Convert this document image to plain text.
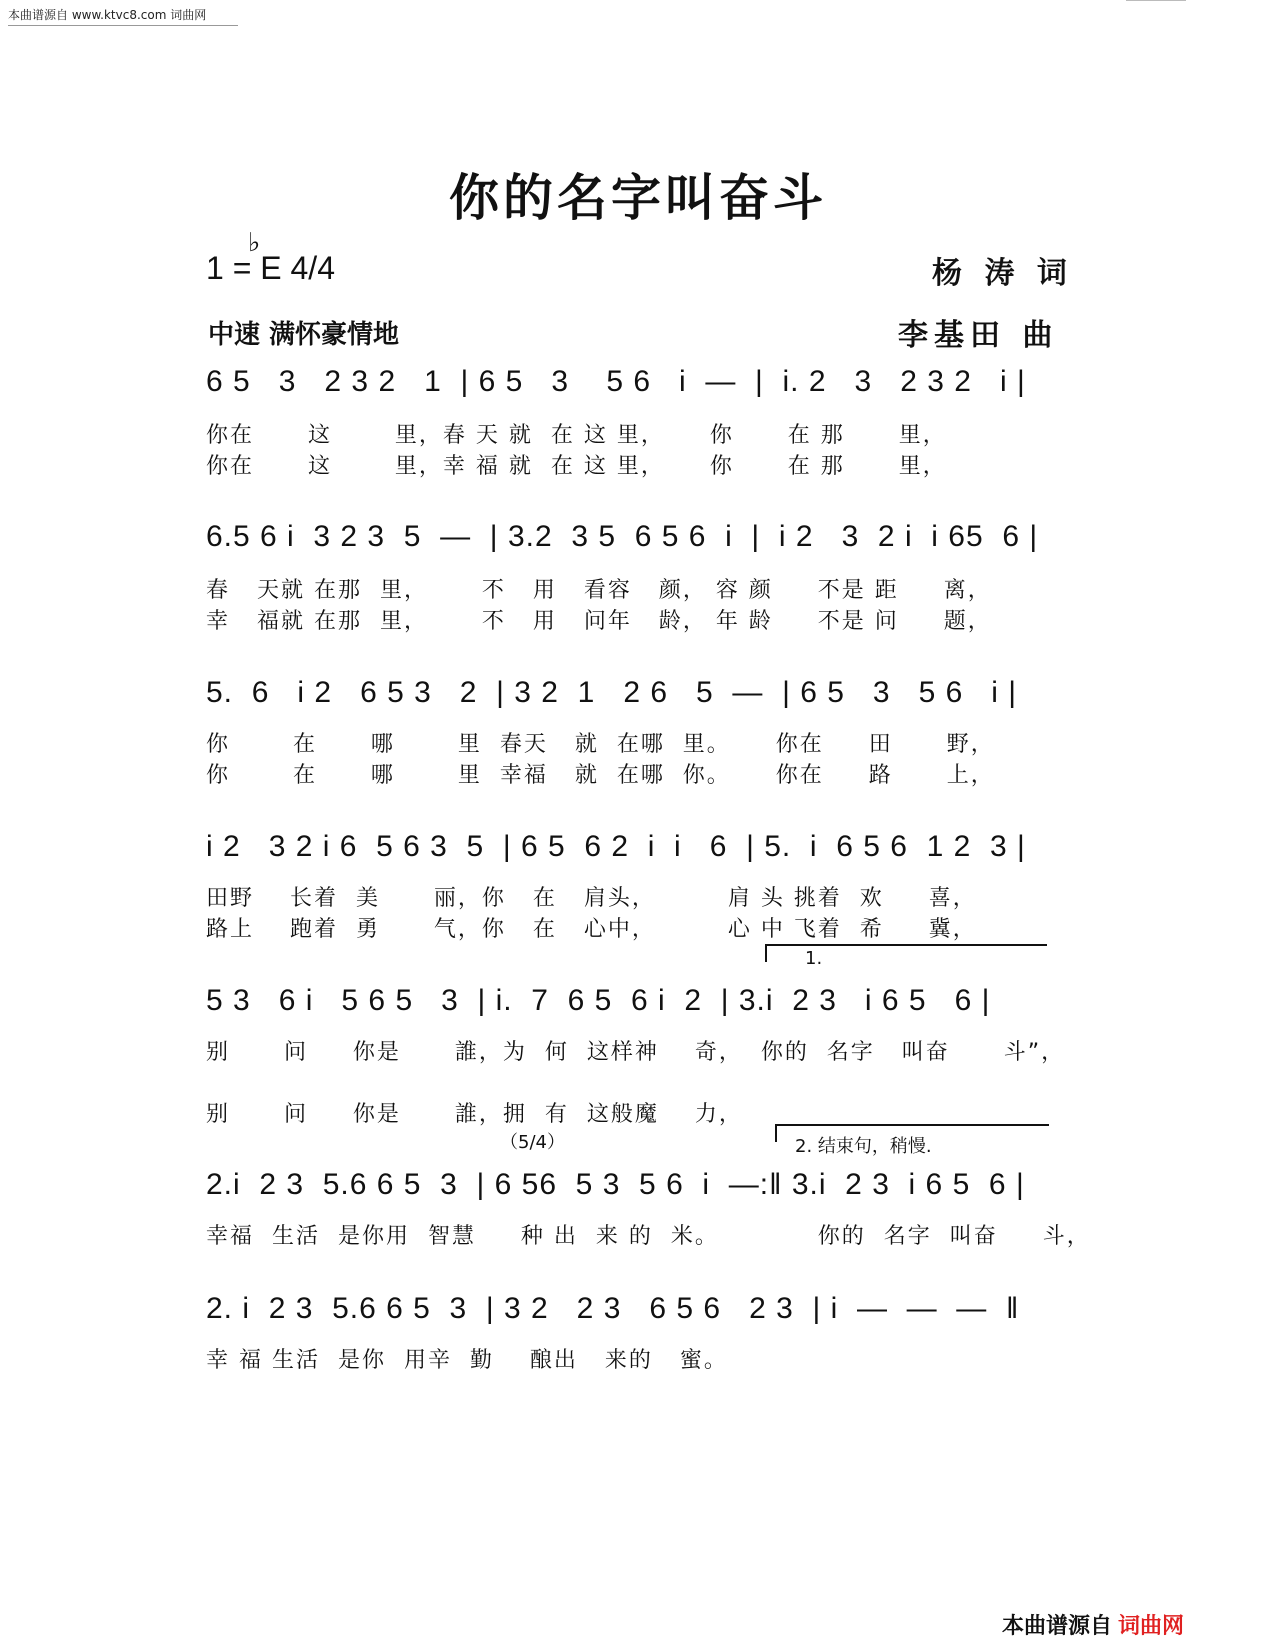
本曲谱源自 www.ktvc8.com 词曲网
你的名字叫奋斗
1 = E 4/4
♭
杨 涛 词
中速 满怀豪情地	李基田 曲
6 5   3   2 3 2   1  | 6 5   3    5 6   i  —  |  i. 2   3   2 3 2   i |
你在      这       里，春 天 就  在 这 里，     你      在 那      里，
你在      这       里，幸 福 就  在 这 里，     你      在 那      里，
6.5 6 i  3 2 3  5  —  | 3.2  3 5  6 5 6  i  |  i 2   3  2 i  i 65  6 |
春   天就 在那  里，      不   用   看容   颜， 容 颜     不是 距     离，
幸   福就 在那  里，      不   用   问年   龄， 年 龄     不是 问     题，
5.  6   i 2   6 5 3   2  | 3 2  1   2 6   5  —  | 6 5   3   5 6   i |
你       在      哪       里  春天   就  在哪  里。     你在     田      野，
你       在      哪       里  幸福   就  在哪  你。     你在     路      上，
i 2   3 2 i 6  5 6 3  5  | 6 5  6 2  i  i   6  | 5.  i  6 5 6  1 2  3 |
田野    长着  美      丽，你   在   肩头，        肩 头 挑着  欢     喜，
路上    跑着  勇      气，你   在   心中，        心 中 飞着  希     冀，
1.
5 3   6 i   5 6 5   3  | i.  7  6 5  6 i  2  | 3.i  2 3   i 6 5   6 |
别      问     你是      誰，为  何  这样神    奇，  你的  名字   叫奋      斗”，
别      问     你是      誰，拥  有  这般魔    力，
（5/4）	2. 结束句，稍慢.
2.i  2 3  5.6 6 5  3  | 6 56  5 3  5 6  i  —:‖ 3.i  2 3  i 6 5  6 |
幸福  生活  是你用  智慧     种 出  来 的  米。           你的  名字  叫奋     斗，
2. i  2 3  5.6 6 5  3  | 3 2   2 3   6 5 6   2 3  | i  —  —  —  ‖
幸 福 生活  是你  用辛  勤    酿出   来的   蜜。
本曲谱源自 词曲网
